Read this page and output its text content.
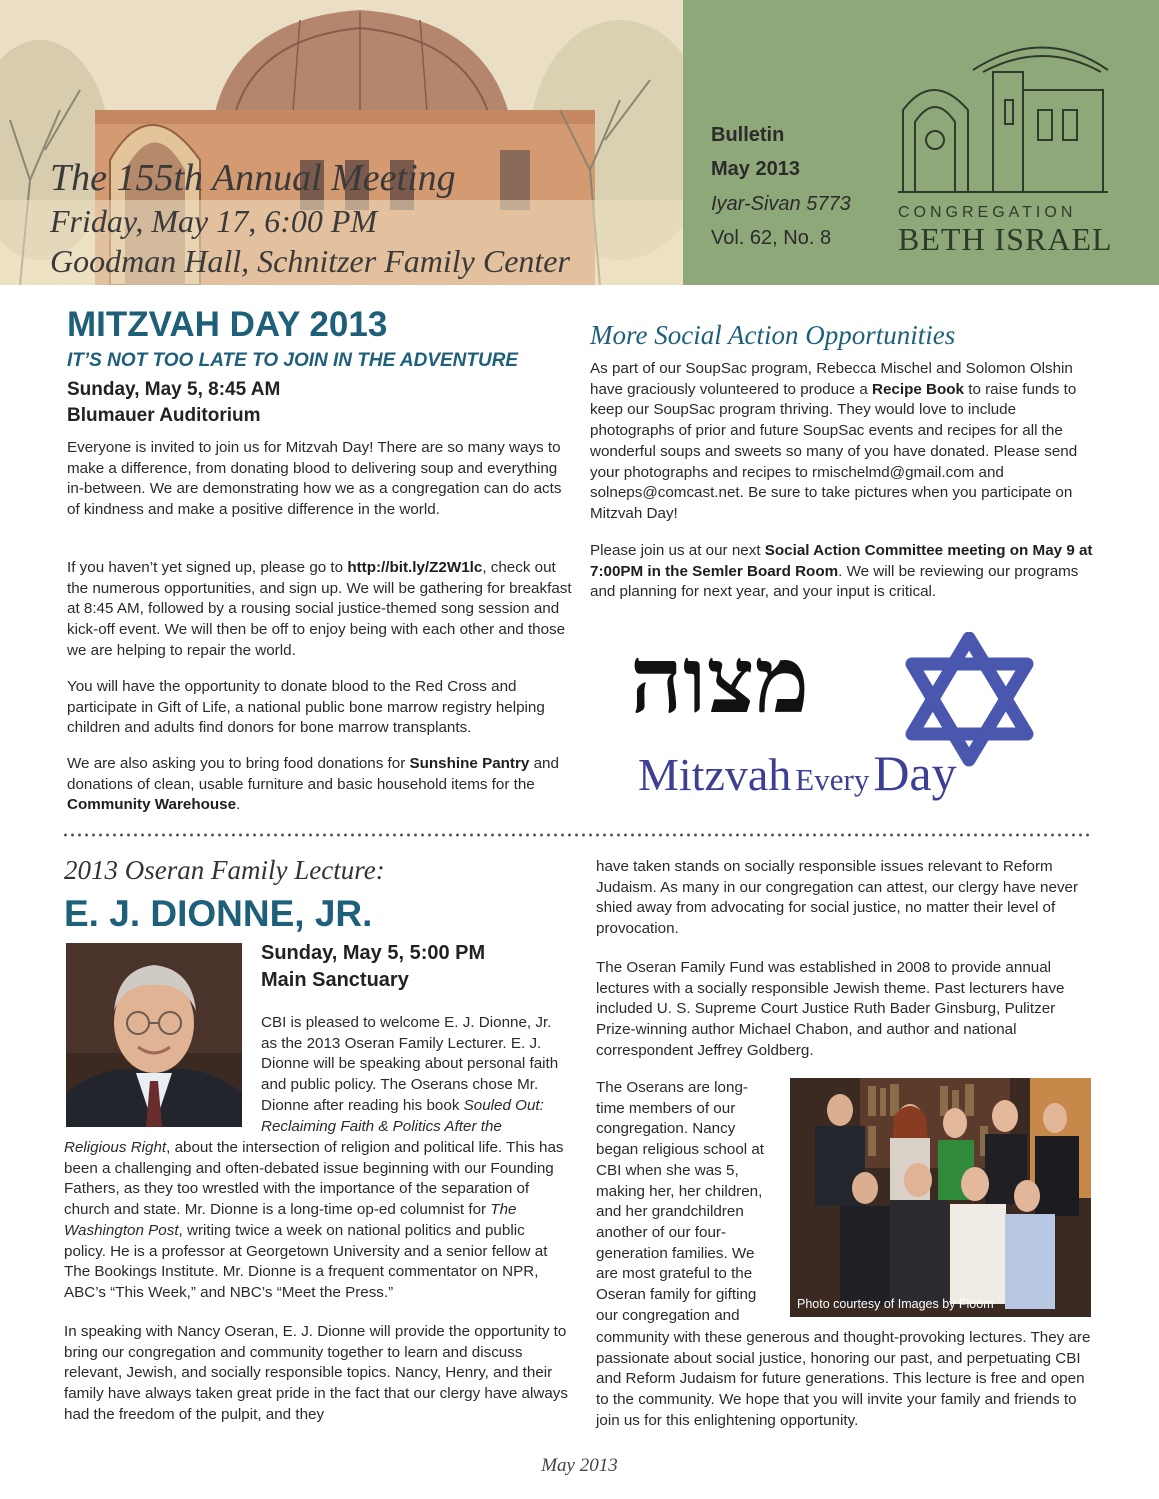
The 155th Annual Meeting
Friday, May 17, 6:00 PM
Goodman Hall, Schnitzer Family Center
Bulletin
May 2013
Iyar-Sivan 5773
Vol. 62, No. 8
CONGREGATION
BETH ISRAEL
MITZVAH DAY 2013
IT’S NOT TOO LATE TO JOIN IN THE ADVENTURE
Sunday, May 5, 8:45 AM
Blumauer Auditorium
Everyone is invited to join us for Mitzvah Day! There are so many ways to make a difference, from donating blood to delivering soup and everything in-between. We are demonstrating how we as a congregation can do acts of kindness and make a positive difference in the world.
If you haven’t yet signed up, please go to http://bit.ly/Z2W1lc, check out the numerous opportunities, and sign up. We will be gathering for breakfast at 8:45 AM, followed by a rousing social justice-themed song session and kick-off event. We will then be off to enjoy being with each other and those we are helping to repair the world.
You will have the opportunity to donate blood to the Red Cross and participate in Gift of Life, a national public bone marrow registry helping children and adults find donors for bone marrow transplants.
We are also asking you to bring food donations for Sunshine Pantry and donations of clean, usable furniture and basic household items for the Community Warehouse.
More Social Action Opportunities
As part of our SoupSac program, Rebecca Mischel and Solomon Olshin have graciously volunteered to produce a Recipe Book to raise funds to keep our SoupSac program thriving. They would love to include photographs of prior and future SoupSac events and recipes for all the wonderful soups and sweets so many of you have donated. Please send your photographs and recipes to rmischelmd@gmail.com and solneps@comcast.net. Be sure to take pictures when you participate on Mitzvah Day!
Please join us at our next Social Action Committee meeting on May 9 at 7:00PM in the Semler Board Room. We will be reviewing our programs and planning for next year, and your input is critical.
מצוה
Mitzvah Every Day
2013 Oseran Family Lecture:
E. J. DIONNE, JR.
Sunday, May 5, 5:00 PM
Main Sanctuary
CBI is pleased to welcome E. J. Dionne, Jr. as the 2013 Oseran Family Lecturer. E. J. Dionne will be speaking about personal faith and public policy. The Oserans chose Mr. Dionne after reading his book Souled Out: Reclaiming Faith & Politics After the
Religious Right, about the intersection of religion and political life. This has been a challenging and often-debated issue beginning with our Founding Fathers, as they too wrestled with the importance of the separation of church and state. Mr. Dionne is a long-time op-ed columnist for The Washington Post, writing twice a week on national politics and public policy. He is a professor at Georgetown University and a senior fellow at The Bookings Institute. Mr. Dionne is a frequent commentator on NPR, ABC’s “This Week,” and NBC’s “Meet the Press.”
In speaking with Nancy Oseran, E. J. Dionne will provide the opportunity to bring our congregation and community together to learn and discuss relevant, Jewish, and socially responsible topics. Nancy, Henry, and their family have always taken great pride in the fact that our clergy have always had the freedom of the pulpit, and they
have taken stands on socially responsible issues relevant to Reform Judaism. As many in our congregation can attest, our clergy have never shied away from advocating for social justice, no matter their level of provocation.
The Oseran Family Fund was established in 2008 to provide annual lectures with a socially responsible Jewish theme. Past lecturers have included U. S. Supreme Court Justice Ruth Bader Ginsburg, Pulitzer Prize-winning author Michael Chabon, and author and national correspondent Jeffrey Goldberg.
The Oserans are long-time members of our congregation. Nancy began religious school at CBI when she was 5, making her, her children, and her grandchildren another of our four-generation families. We are most grateful to the Oseran family for gifting our congregation and
community with these generous and thought-provoking lectures. They are passionate about social justice, honoring our past, and perpetuating CBI and Reform Judaism for future generations. This lecture is free and open to the community. We hope that you will invite your family and friends to join us for this enlightening opportunity.
Photo courtesy of Images by Floom
May 2013
